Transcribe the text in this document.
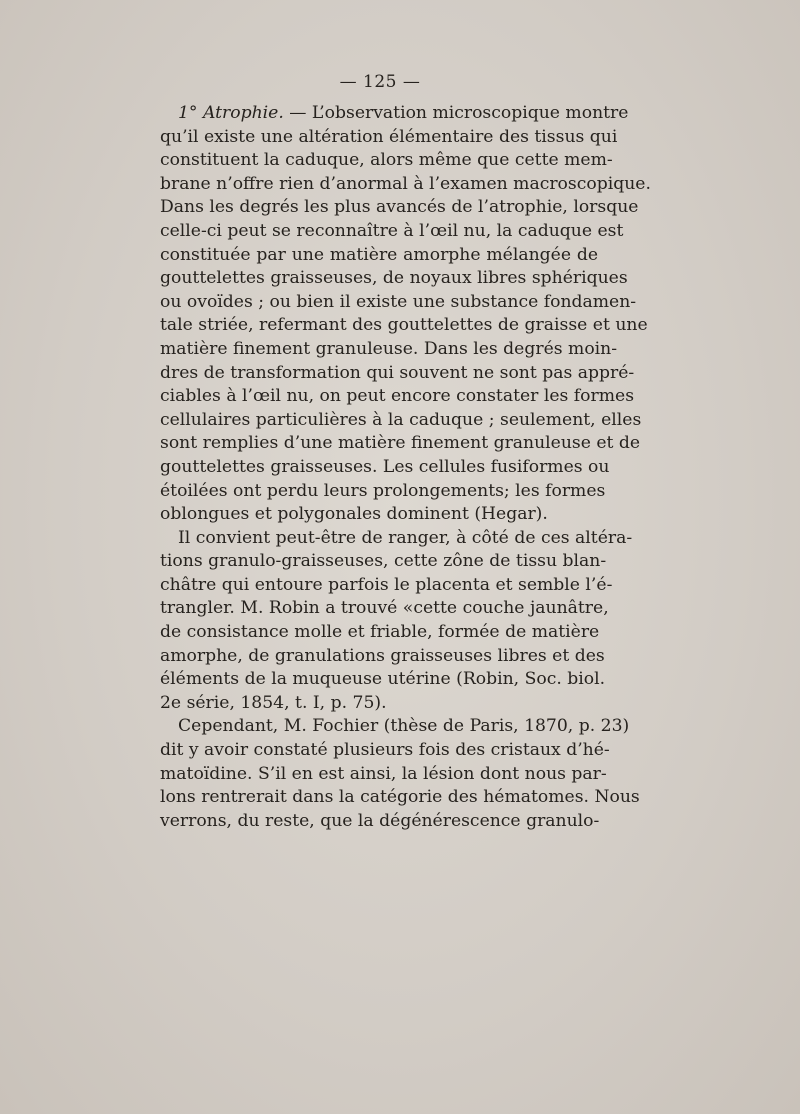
— 125 —
1° Atrophie. — L’observation microscopique montre
qu’il existe une altération élémentaire des tissus qui
constituent la caduque, alors même que cette mem-
brane n’offre rien d’anormal à l’examen macroscopique.
Dans les degrés les plus avancés de l’atrophie, lorsque
celle-ci peut se reconnaître à l’œil nu, la caduque est
constituée par une matière amorphe mélangée de
gouttelettes graisseuses, de noyaux libres sphériques
ou ovoïdes ; ou bien il existe une substance fondamen-
tale striée, refermant des gouttelettes de graisse et une
matière finement granuleuse. Dans les degrés moin-
dres de transformation qui souvent ne sont pas appré-
ciables à l’œil nu, on peut encore constater les formes
cellulaires particulières à la caduque ; seulement, elles
sont remplies d’une matière finement granuleuse et de
gouttelettes graisseuses. Les cellules fusiformes ou
étoilées ont perdu leurs prolongements; les formes
oblongues et polygonales dominent (Hegar).
Il convient peut-être de ranger, à côté de ces altéra-
tions granulo-graisseuses, cette zône de tissu blan-
châtre qui entoure parfois le placenta et semble l’é-
trangler. M. Robin a trouvé «cette couche jaunâtre,
de consistance molle et friable, formée de matière
amorphe, de granulations graisseuses libres et des
éléments de la muqueuse utérine (Robin, Soc. biol.
2e série, 1854, t. I, p. 75).
Cependant, M. Fochier (thèse de Paris, 1870, p. 23)
dit y avoir constaté plusieurs fois des cristaux d’hé-
matoïdine. S’il en est ainsi, la lésion dont nous par-
lons rentrerait dans la catégorie des hématomes. Nous
verrons, du reste, que la dégénérescence granulo-
